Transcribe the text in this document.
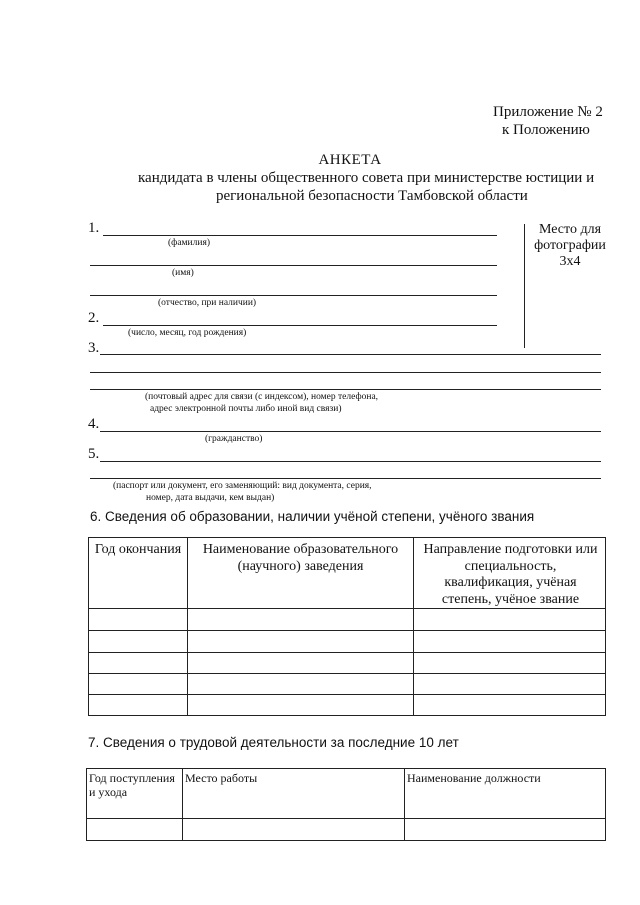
Приложение № 2
к Положению
АНКЕТА
кандидата в члены общественного совета при министерстве юстиции и
региональной безопасности Тамбовской области
Место для
фотографии
3х4
1.
(фамилия)
(имя)
(отчество, при наличии)
2.
(число, месяц, год рождения)
3.
(почтовый адрес для связи (с индексом), номер телефона,
адрес электронной почты либо иной вид связи)
4.
(гражданство)
5.
(паспорт или документ, его заменяющий: вид документа, серия,
номер, дата выдачи, кем выдан)
6. Сведения об образовании, наличии учёной степени, учёного звания
Год окончания	Наименование образовательного (научного) заведения	Направление подготовки или специальность, квалификация, учёная степень, учёное звание

7. Сведения о трудовой деятельности за последние 10 лет
Год поступления и ухода	Место работы	Наименование должности
